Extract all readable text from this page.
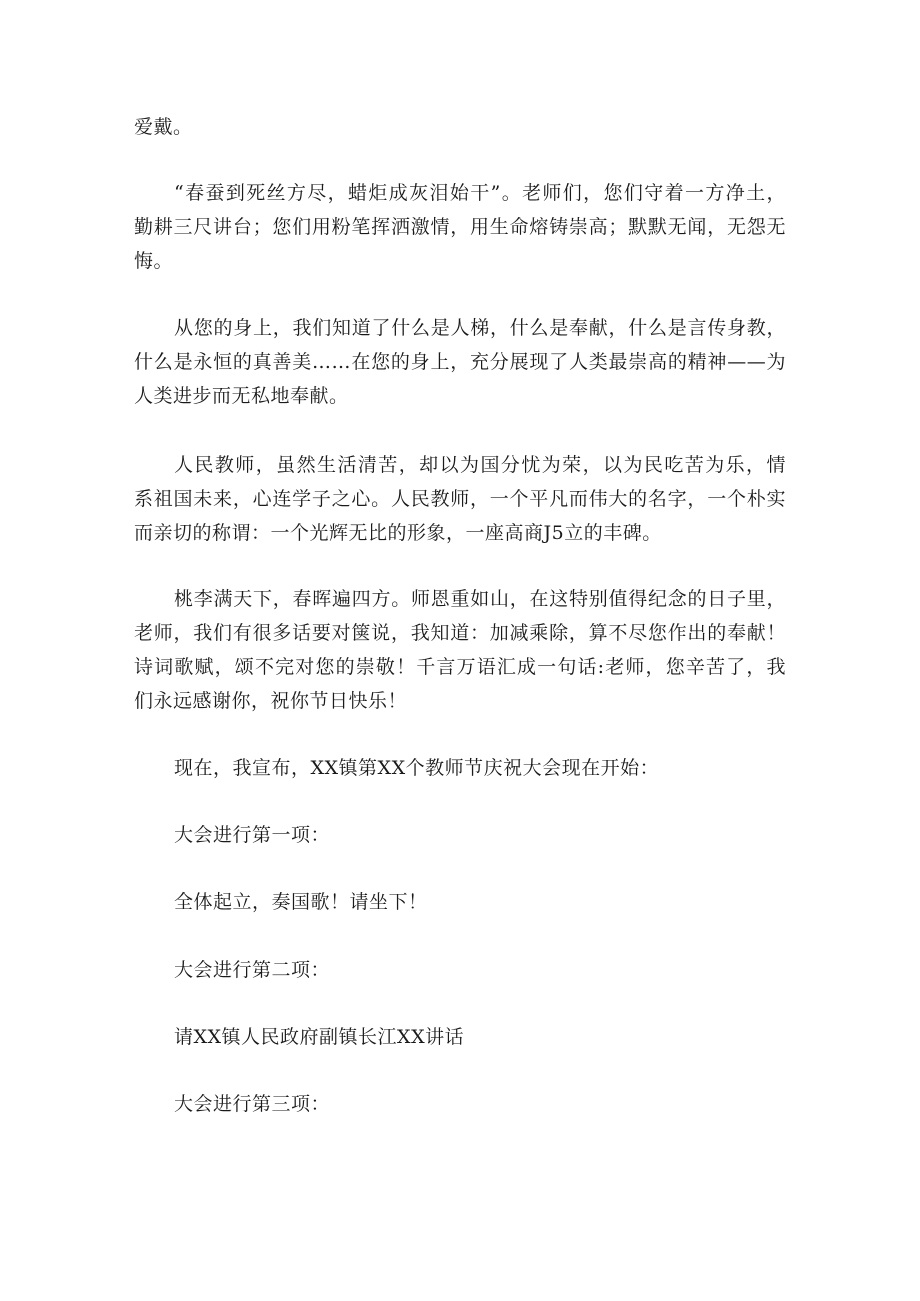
爱戴。
“春蚕到死丝方尽，蜡炬成灰泪始干”。老师们，您们守着一方净土，
勤耕三尺讲台；您们用粉笔挥洒激情，用生命熔铸崇高；默默无闻，无怨无
悔。
从您的身上，我们知道了什么是人梯，什么是奉献，什么是言传身教，
什么是永恒的真善美……在您的身上，充分展现了人类最崇高的精神——为
人类进步而无私地奉献。
人民教师，虽然生活清苦，却以为国分忧为荣，以为民吃苦为乐，情
系祖国未来，心连学子之心。人民教师，一个平凡而伟大的名字，一个朴实
而亲切的称谓：一个光辉无比的形象，一座高商J5立的丰碑。
桃李满天下，春晖遍四方。师恩重如山，在这特别值得纪念的日子里，
老师，我们有很多话要对箧说，我知道：加减乘除，算不尽您作出的奉献！
诗词歌赋，颂不完对您的崇敬！千言万语汇成一句话:老师，您辛苦了，我
们永远感谢你，祝你节日快乐！
现在，我宣布，XX镇第XX个教师节庆祝大会现在开始：
大会进行第一项：
全体起立，奏国歌！请坐下！
大会进行第二项：
请XX镇人民政府副镇长江XX讲话
大会进行第三项：
